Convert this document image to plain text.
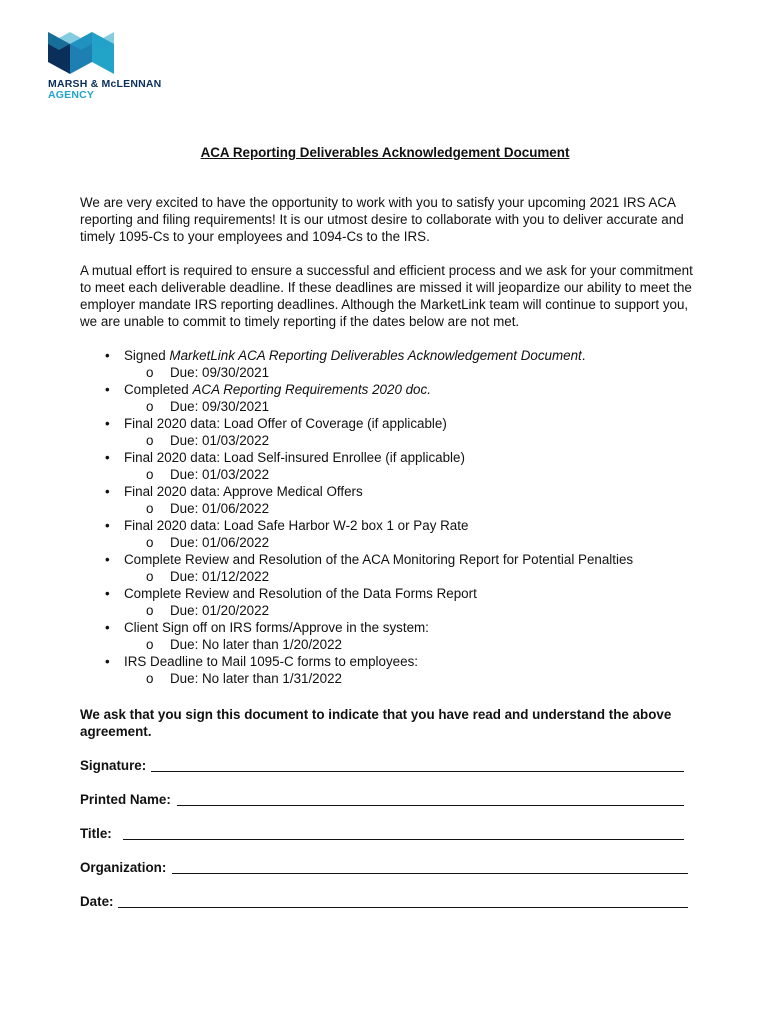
MARSH & McLENNAN
AGENCY
ACA Reporting Deliverables Acknowledgement Document

We are very excited to have the opportunity to work with you to satisfy your upcoming 2021 IRS ACA reporting and filing requirements! It is our utmost desire to collaborate with you to deliver accurate and timely 1095-Cs to your employees and 1094-Cs to the IRS.

A mutual effort is required to ensure a successful and efficient process and we ask for your commitment to meet each deliverable deadline. If these deadlines are missed it will jeopardize our ability to meet the employer mandate IRS reporting deadlines. Although the MarketLink team will continue to support you, we are unable to commit to timely reporting if the dates below are not met.

• Signed MarketLink ACA Reporting Deliverables Acknowledgement Document.
o Due: 09/30/2021
• Completed ACA Reporting Requirements 2020 doc.
o Due: 09/30/2021
• Final 2020 data: Load Offer of Coverage (if applicable)
o Due: 01/03/2022
• Final 2020 data: Load Self-insured Enrollee (if applicable)
o Due: 01/03/2022
• Final 2020 data: Approve Medical Offers
o Due: 01/06/2022
• Final 2020 data: Load Safe Harbor W-2 box 1 or Pay Rate
o Due: 01/06/2022
• Complete Review and Resolution of the ACA Monitoring Report for Potential Penalties
o Due: 01/12/2022
• Complete Review and Resolution of the Data Forms Report
o Due: 01/20/2022
• Client Sign off on IRS forms/Approve in the system:
o Due: No later than 1/20/2022
• IRS Deadline to Mail 1095-C forms to employees:
o Due: No later than 1/31/2022

We ask that you sign this document to indicate that you have read and understand the above agreement.

Signature:
Printed Name:
Title:
Organization:
Date:
